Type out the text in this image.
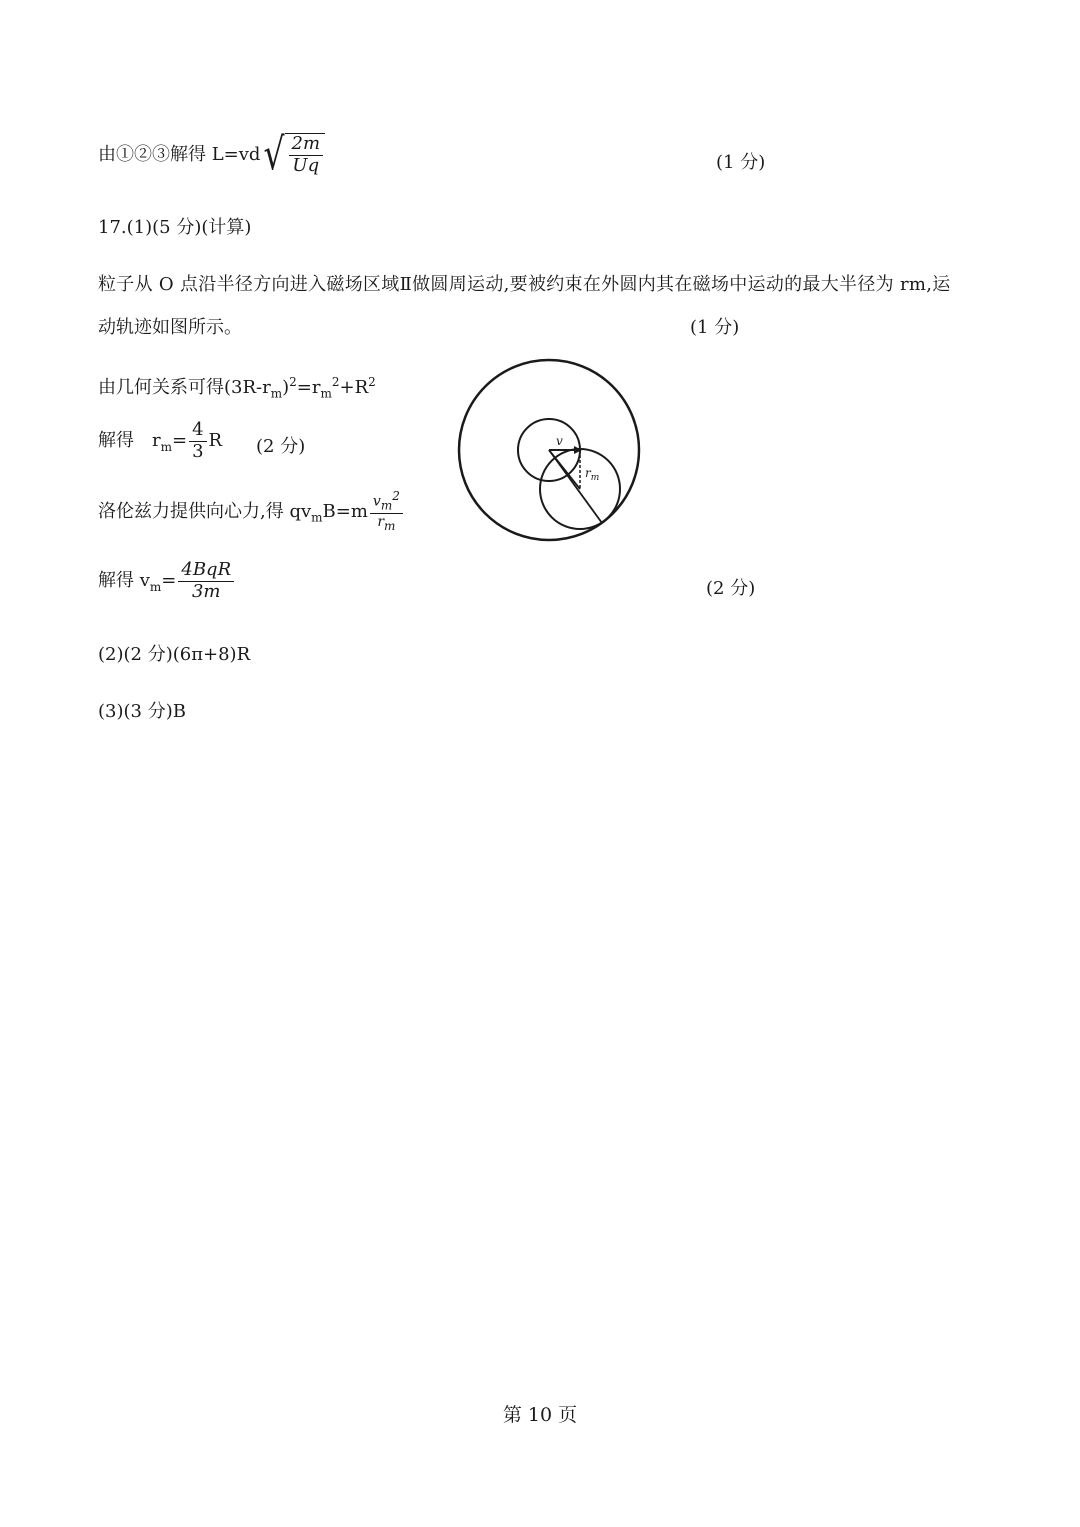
由①②③解得 L=vd √ $\frac{2m}{Uq}$	(1 分)
17.(1)(5 分)(计算)
粒子从 O 点沿半径方向进入磁场区域Ⅱ做圆周运动,要被约束在外圆内其在磁场中运动的最大半径为 rm,运
动轨迹如图所示。	(1 分)
由几何关系可得$(3R-r_m)^2=r_m^2+R^2$
解得 $r_m= \frac{4}{3}$ R (2 分)
洛伦兹力提供向心力,得 $qv_mB=m \frac{v_m^2}{r_m}$
解得 $v_m= \frac{\text{4BqR}}{3m}$	(2 分)
(2)(2 分)(6π+8)R
(3)(3 分)B
v
$r_m$
第 10 页
